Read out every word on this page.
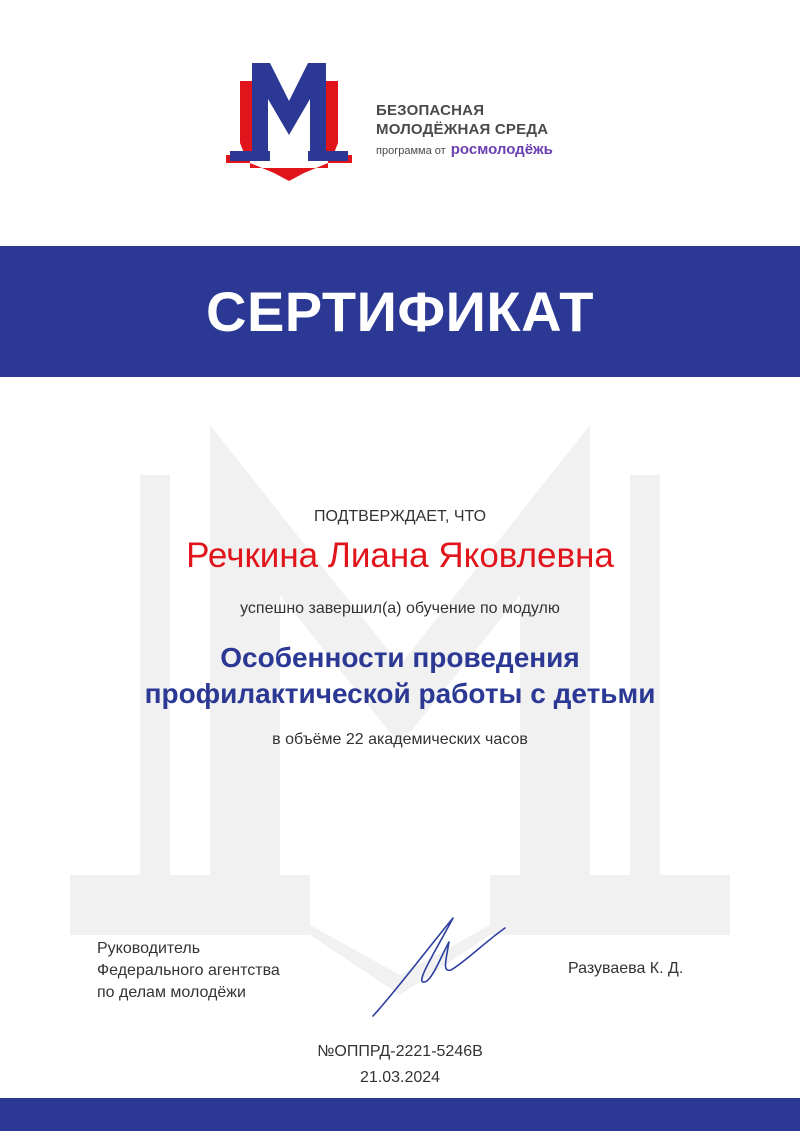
БЕЗОПАСНАЯ
МОЛОДЁЖНАЯ СРЕДА
программа от росмолодёжь
СЕРТИФИКАТ
ПОДТВЕРЖДАЕТ, ЧТО
Речкина Лиана Яковлевна
успешно завершил(а) обучение по модулю
Особенности проведения
профилактической работы с детьми
в объёме 22 академических часов
Руководитель
Федерального агентства
по делам молодёжи
Разуваева К. Д.
№ОППРД-2221-5246В
21.03.2024
